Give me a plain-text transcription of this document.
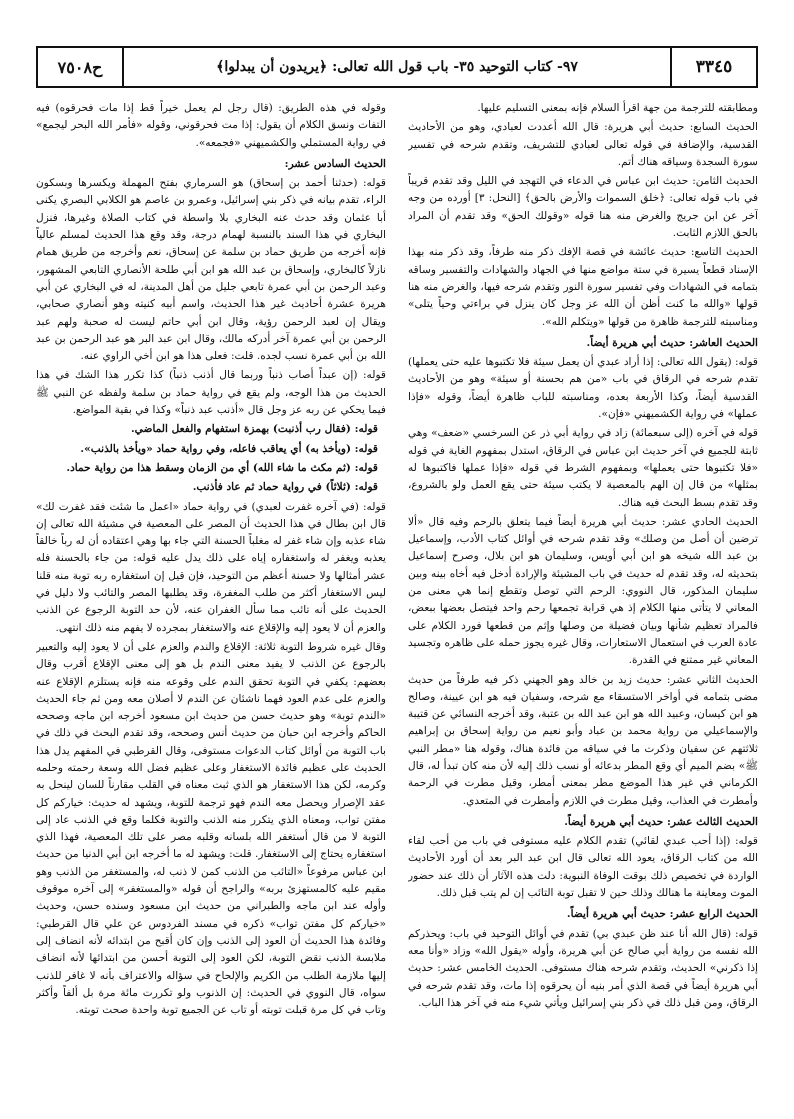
٣٣٤٥
٩٧- كتاب التوحيد ٣٥- باب قول الله تعالى: ﴿يريدون أن يبدلوا﴾
ح٧٥٠٨

ومطابقته للترجمة من جهة اقرأ السلام فإنه بمعنى التسليم عليها.

الحديث السابع: حديث أبي هريرة: قال الله أعددت لعبادي، وهو من الأحاديث القدسية، والإضافة في قوله تعالى لعبادي للتشريف، وتقدم شرحه في تفسير سورة السجدة وسياقه هناك أتم.

الحديث الثامن: حديث ابن عباس في الدعاء في التهجد في الليل وقد تقدم قريباً في باب قوله تعالى: ﴿خلق السموات والأرض بالحق﴾ [النحل: ٣] أورده من وجه آخر عن ابن جريج والغرض منه هنا قوله «وقولك الحق» وقد تقدم أن المراد بالحق اللازم الثابت.

الحديث التاسع: حديث عائشة في قصة الإفك ذكر منه طرفاً، وقد ذكر منه بهذا الإسناد قطعاً يسيرة في ستة مواضع منها في الجهاد والشهادات والتفسير وساقه بتمامه في الشهادات وفي تفسير سورة النور وتقدم شرحه فيها، والغرض منه هنا قولها «والله ما كنت أظن أن الله عز وجل كان ينزل في براءتي وحياً يتلى» ومناسبته للترجمة ظاهرة من قولها «ويتكلم الله».

الحديث العاشر: حديث أبي هريرة أيضاً.

قوله: (يقول الله تعالى: إذا أراد عبدي أن يعمل سيئة فلا تكتبوها عليه حتى يعملها) تقدم شرحه في الرقاق في باب «من هم بحسنة أو سيئة» وهو من الأحاديث القدسية أيضاً، وكذا الأربعة بعده، ومناسبته للباب ظاهرة أيضاً، وقوله «فإذا عملها» في رواية الكشميهني «فإن».

قوله في آخره (إلى سبعمائة) زاد في رواية أبي ذر عن السرخسي «ضعف» وهي ثابتة للجميع في آخر حديث ابن عباس في الرقاق، استدل بمفهوم الغاية في قوله «فلا تكتبوها حتى يعملها» وبمفهوم الشرط في قوله «فإذا عملها فاكتبوها له بمثلها» من قال إن الهم بالمعصية لا يكتب سيئة حتى يقع العمل ولو بالشروع، وقد تقدم بسط البحث فيه هناك.

الحديث الحادي عشر: حديث أبي هريرة أيضاً فيما يتعلق بالرحم وفيه قال «ألا ترضين أن أصل من وصلك» وقد تقدم شرحه في أوائل كتاب الأدب، وإسماعيل بن عبد الله شيخه هو ابن أبي أويس، وسليمان هو ابن بلال، وصرح إسماعيل بتحديثه له، وقد تقدم له حديث في باب المشيئة والإرادة أدخل فيه أخاه بينه وبين سليمان المذكور، قال النووي: الرحم التي توصل وتقطع إنما هي معنى من المعاني لا يتأتى منها الكلام إذ هي قرابة تجمعها رحم واحد فيتصل بعضها ببعض، فالمراد تعظيم شأنها وبيان فضيلة من وصلها وإثم من قطعها فورد الكلام على عادة العرب في استعمال الاستعارات، وقال غيره يجوز حمله على ظاهره وتجسيد المعاني غير ممتنع في القدرة.

الحديث الثاني عشر: حديث زيد بن خالد وهو الجهني ذكر فيه طرفاً من حديث مضى بتمامه في أواخر الاستسقاء مع شرحه، وسفيان فيه هو ابن عيينة، وصالح هو ابن كيسان، وعبيد الله هو ابن عبد الله بن عتبة، وقد أخرجه النسائي عن قتيبة والإسماعيلي من رواية محمد بن عباد وأبو نعيم من رواية إسحاق بن إبراهيم ثلاثتهم عن سفيان وذكرت ما في سياقه من فائدة هناك، وقوله هنا «مطر النبي ﷺ» بضم الميم أي وقع المطر بدعائه أو نسب ذلك إليه لأن منه كان تبدأ له، قال الكرماني في غير هذا الموضع مطر بمعنى أمطر، وقيل مطرت في الرحمة وأمطرت في العذاب، وقيل مطرت في اللازم وأمطرت في المتعدي.

الحديث الثالث عشر: حديث أبي هريرة أيضاً.

قوله: (إذا أحب عبدي لقائي) تقدم الكلام عليه مستوفى في باب من أحب لقاء الله من كتاب الرقاق، يعود الله تعالى قال ابن عبد البر بعد أن أورد الأحاديث الواردة في تخصيص ذلك بوقت الوفاة النبوية: دلت هذه الآثار أن ذلك عند حضور الموت ومعاينة ما هنالك وذلك حين لا تقبل توبة التائب إن لم يتب قبل ذلك.

الحديث الرابع عشر: حديث أبي هريرة أيضاً.

قوله: (قال الله أنا عند ظن عبدي بي) تقدم في أوائل التوحيد في باب: ويحذركم الله نفسه من رواية أبي صالح عن أبي هريرة، وأوله «يقول الله» وزاد «وأنا معه إذا ذكرني» الحديث، وتقدم شرحه هناك مستوفى. الحديث الخامس عشر: حديث أبي هريرة أيضاً في قصة الذي أمر بنيه أن يحرقوه إذا مات، وقد تقدم شرحه في الرقاق، ومن قبل ذلك في ذكر بني إسرائيل ويأتي شيء منه في آخر هذا الباب.

وقوله في هذه الطريق: (قال رجل لم يعمل خيراً قط إذا مات فحرقوه) فيه التفات ونسق الكلام أن يقول: إذا مت فحرقوني، وقوله «فأمر الله البحر ليجمع» في رواية المستملي والكشميهني «فجمعه».

الحديث السادس عشر:

قوله: (حدثنا أحمد بن إسحاق) هو السرماري بفتح المهملة ويكسرها وبسكون الراء، تقدم بيانه في ذكر بني إسرائيل، وعمرو بن عاصم هو الكلابي البصري يكنى أبا عثمان وقد حدث عنه البخاري بلا واسطة في كتاب الصلاة وغيرها، فنزل البخاري في هذا السند بالنسبة لهمام درجة، وقد وقع هذا الحديث لمسلم عالياً فإنه أخرجه من طريق حماد بن سلمة عن إسحاق، نعم وأخرجه من طريق همام نازلاً كالبخاري، وإسحاق بن عبد الله هو ابن أبي طلحة الأنصاري التابعي المشهور، وعبد الرحمن بن أبي عمرة تابعي جليل من أهل المدينة، له في البخاري عن أبي هريرة عشرة أحاديث غير هذا الحديث، واسم أبيه كنيته وهو أنصاري صحابي، ويقال إن لعبد الرحمن رؤية، وقال ابن أبي حاتم ليست له صحبة ولهم عبد الرحمن بن أبي عمرة آخر أدركه مالك، وقال ابن عبد البر هو عبد الرحمن بن عبد الله بن أبي عمرة نسب لجده. قلت: فعلى هذا هو ابن أخي الراوي عنه.

قوله: (إن عبداً أصاب ذنباً وربما قال أذنب ذنباً) كذا تكرر هذا الشك في هذا الحديث من هذا الوجه، ولم يقع في رواية حماد بن سلمة ولفظه عن النبي ﷺ فيما يحكي عن ربه عز وجل قال «أذنب عبد ذنباً» وكذا في بقية المواضع.

قوله: (فقال رب أذنبت) بهمزة استفهام والفعل الماضي.

قوله: (ويأخذ به) أي يعاقب فاعله، وفي رواية حماد «ويأخذ بالذنب».

قوله: (ثم مكث ما شاء الله) أي من الزمان وسقط هذا من رواية حماد.

قوله: (ثلاثاً) في رواية حماد ثم عاد فأذنب.

قوله: (في آخره غفرت لعبدي) في رواية حماد «اعمل ما شئت فقد غفرت لك» قال ابن بطال في هذا الحديث أن المصر على المعصية في مشيئة الله تعالى إن شاء عذبه وإن شاء غفر له مغلباً الحسنة التي جاء بها وهي اعتقاده أن له رباً خالقاً يعذبه ويغفر له واستغفاره إياه على ذلك يدل عليه قوله: من جاء بالحسنة فله عشر أمثالها ولا حسنة أعظم من التوحيد، فإن قيل إن استغفاره ربه توبة منه قلنا ليس الاستغفار أكثر من طلب المغفرة، وقد يطلبها المصر والتائب ولا دليل في الحديث على أنه تائب مما سأل الغفران عنه، لأن حد التوبة الرجوع عن الذنب والعزم أن لا يعود إليه والإقلاع عنه والاستغفار بمجرده لا يفهم منه ذلك انتهى.

وقال غيره شروط التوبة ثلاثة: الإقلاع والندم والعزم على أن لا يعود إليه والتعبير بالرجوع عن الذنب لا يفيد معنى الندم بل هو إلى معنى الإقلاع أقرب وقال بعضهم: يكفي في التوبة تحقق الندم على وقوعه منه فإنه يستلزم الإقلاع عنه والعزم على عدم العود فهما ناشئان عن الندم لا أصلان معه ومن ثم جاء الحديث «الندم توبة» وهو حديث حسن من حديث ابن مسعود أخرجه ابن ماجه وصححه الحاكم وأخرجه ابن حبان من حديث أنس وصححه، وقد تقدم البحث في ذلك في باب التوبة من أوائل كتاب الدعوات مستوفى، وقال القرطبي في المفهم يدل هذا الحديث على عظيم فائدة الاستغفار وعلى عظيم فضل الله وسعة رحمته وحلمه وكرمه، لكن هذا الاستغفار هو الذي ثبت معناه في القلب مقارناً للسان لينحل به عقد الإصرار ويحصل معه الندم فهو ترجمة للتوبة، ويشهد له حديث: خياركم كل مفتن تواب، ومعناه الذي يتكرر منه الذنب والتوبة فكلما وقع في الذنب عاد إلى التوبة لا من قال أستغفر الله بلسانه وقلبه مصر على تلك المعصية، فهذا الذي استغفاره يحتاج إلى الاستغفار. قلت: ويشهد له ما أخرجه ابن أبي الدنيا من حديث ابن عباس مرفوعاً «التائب من الذنب كمن لا ذنب له، والمستغفر من الذنب وهو مقيم عليه كالمستهزئ بربه» والراجح أن قوله «والمستغفر» إلى آخره موقوف وأوله عند ابن ماجه والطبراني من حديث ابن مسعود وسنده حسن، وحديث «خياركم كل مفتن تواب» ذكره في مسند الفردوس عن علي قال القرطبي: وفائدة هذا الحديث أن العود إلى الذنب وإن كان أقبح من ابتدائه لأنه انضاف إلى ملابسة الذنب نقض التوبة، لكن العود إلى التوبة أحسن من ابتدائها لأنه انضاف إليها ملازمة الطلب من الكريم والإلحاح في سؤاله والاعتراف بأنه لا غافر للذنب سواه، قال النووي في الحديث: إن الذنوب ولو تكررت مائة مرة بل ألفاً وأكثر وتاب في كل مرة قبلت توبته أو تاب عن الجميع توبة واحدة صحت توبته.
